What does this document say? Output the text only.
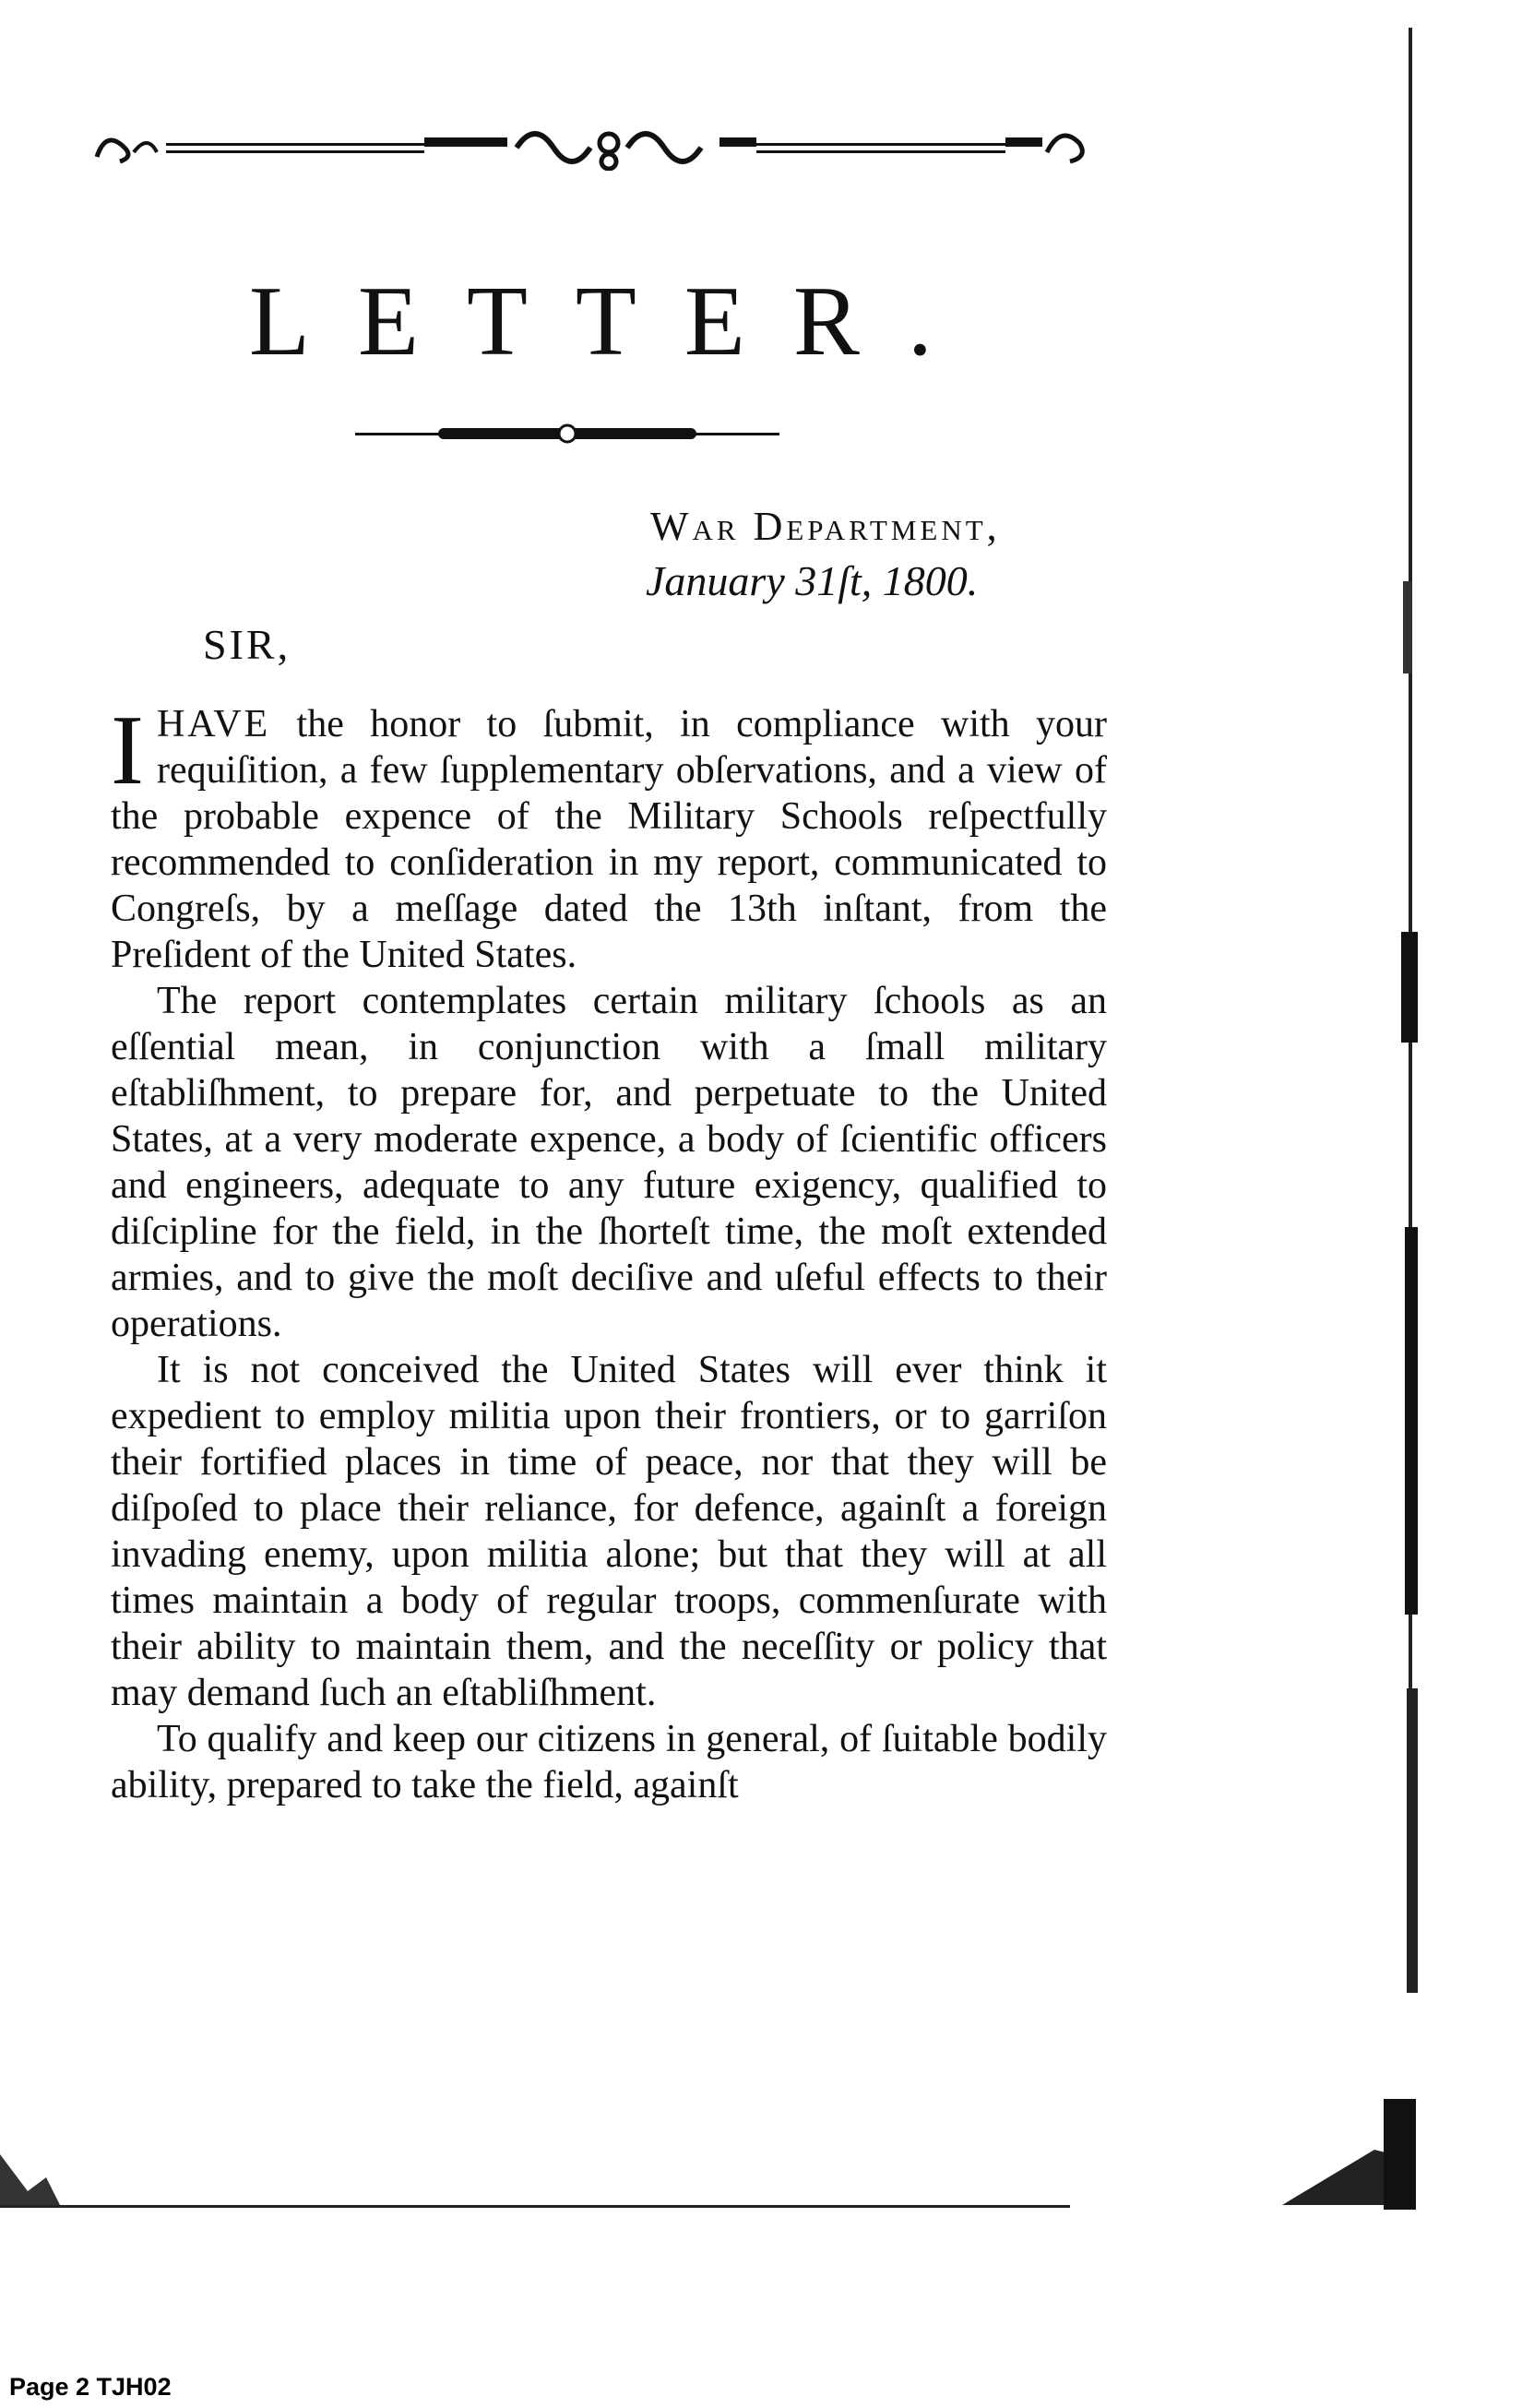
LETTER.
War Department,
January 31ſt, 1800.
SIR,

IHAVE the honor to ſubmit, in compliance with your requiſition, a few ſupplementary obſervations, and a view of the probable expence of the Military Schools reſpectfully recommended to conſideration in my report, communicated to Congreſs, by a meſſage dated the 13th inſtant, from the Preſident of the United States.

The report contemplates certain military ſchools as an eſſential mean, in conjunction with a ſmall military eſtabliſhment, to prepare for, and perpetuate to the United States, at a very moderate expence, a body of ſcientific officers and engineers, adequate to any future exigency, qualified to diſcipline for the field, in the ſhorteſt time, the moſt extended armies, and to give the moſt deciſive and uſeful effects to their operations.

It is not conceived the United States will ever think it expedient to employ militia upon their frontiers, or to garriſon their fortified places in time of peace, nor that they will be diſpoſed to place their reliance, for defence, againſt a foreign invading enemy, upon militia alone; but that they will at all times maintain a body of regular troops, commenſurate with their ability to maintain them, and the neceſſity or policy that may demand ſuch an eſtabliſhment.

To qualify and keep our citizens in general, of ſuitable bodily ability, prepared to take the field, againſt

Page 2 TJH02
